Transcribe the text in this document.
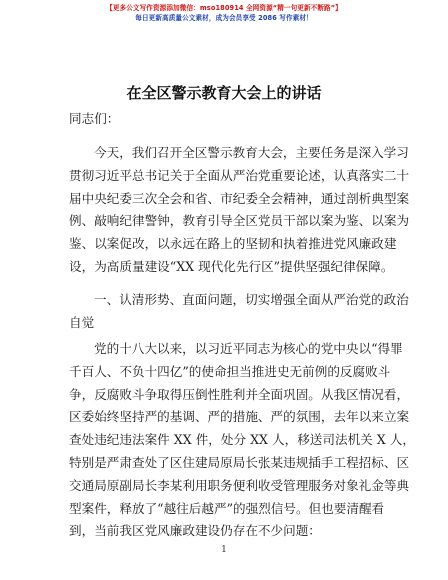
【更多公文写作资源添加微信：mso180914 全网资源“精一句更新不断路”】
每日更新高质量公文素材，成为会员享受 2086 写作素材！
在全区警示教育大会上的讲话
同志们：
今天，我们召开全区警示教育大会，主要任务是深入学习
贯彻习近平总书记关于全面从严治党重要论述，认真落实二十
届中央纪委三次全会和省、市纪委全会精神，通过剖析典型案
例、敲响纪律警钟，教育引导全区党员干部以案为鉴、以案为
鉴、以案促改，以永远在路上的坚韧和执着推进党风廉政建
设，为高质量建设“XX 现代化先行区”提供坚强纪律保障。
一、认清形势、直面问题，切实增强全面从严治党的政治
自觉
党的十八大以来，以习近平同志为核心的党中央以“得罪
千百人、不负十四亿”的使命担当推进史无前例的反腐败斗
争，反腐败斗争取得压倒性胜利并全面巩固。从我区情况看，
区委始终坚持严的基调、严的措施、严的氛围，去年以来立案
查处违纪违法案件 XX 件，处分 XX 人，移送司法机关 X 人，
特别是严肃查处了区住建局原局长张某违规插手工程招标、区
交通局原副局长李某利用职务便利收受管理服务对象礼金等典
型案件，释放了“越往后越严”的强烈信号。但也要清醒看
到，当前我区党风廉政建设仍存在不少问题：
1
